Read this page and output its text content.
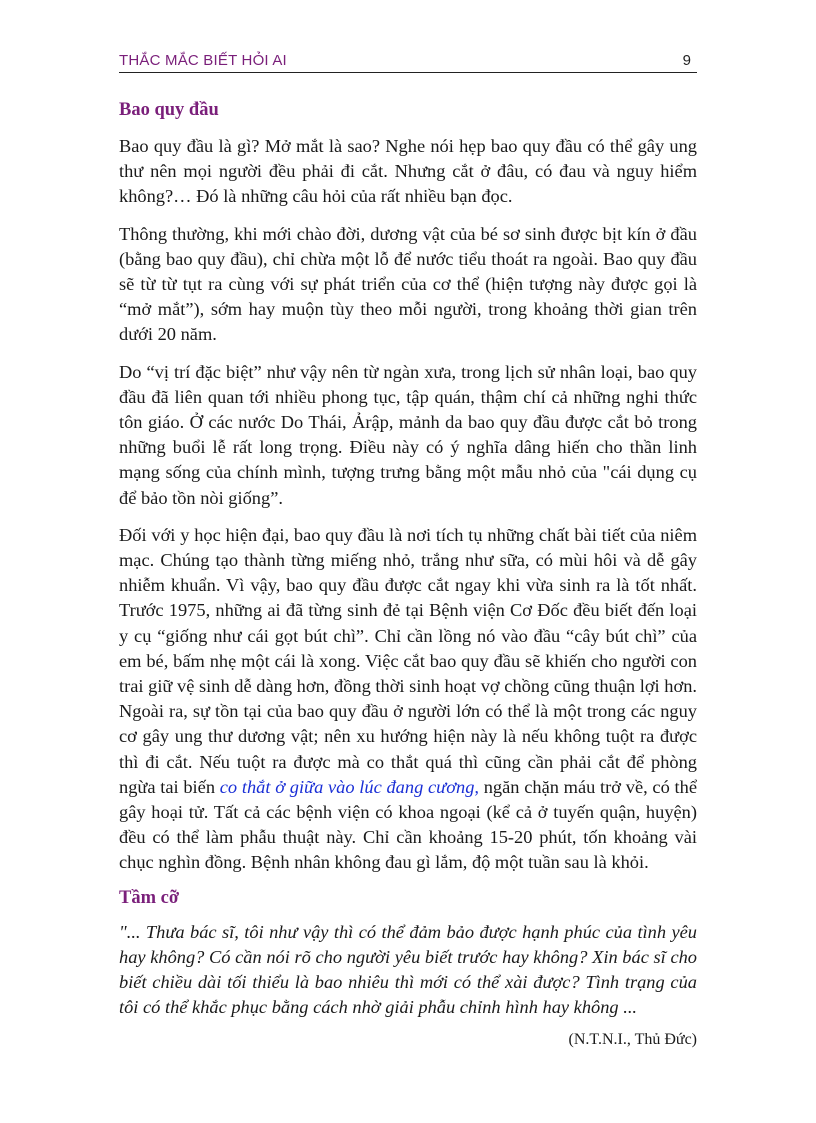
THẮC MẮC BIẾT HỎI AI	9
Bao quy đầu

Bao quy đầu là gì? Mở mắt là sao? Nghe nói hẹp bao quy đầu có thể gây ung thư nên mọi người đều phải đi cắt. Nhưng cắt ở đâu, có đau và nguy hiểm không?… Đó là những câu hỏi của rất nhiều bạn đọc.

Thông thường, khi mới chào đời, dương vật của bé sơ sinh được bịt kín ở đầu (bằng bao quy đầu), chỉ chừa một lỗ để nước tiểu thoát ra ngoài. Bao quy đầu sẽ từ từ tụt ra cùng với sự phát triển của cơ thể (hiện tượng này được gọi là “mở mắt”), sớm hay muộn tùy theo mỗi người, trong khoảng thời gian trên dưới 20 năm.

Do “vị trí đặc biệt” như vậy nên từ ngàn xưa, trong lịch sử nhân loại, bao quy đầu đã liên quan tới nhiều phong tục, tập quán, thậm chí cả những nghi thức tôn giáo. Ở các nước Do Thái, Ảrập, mảnh da bao quy đầu được cắt bỏ trong những buổi lễ rất long trọng. Điều này có ý nghĩa dâng hiến cho thần linh mạng sống của chính mình, tượng trưng bằng một mẫu nhỏ của "cái dụng cụ để bảo tồn nòi giống”.

Đối với y học hiện đại, bao quy đầu là nơi tích tụ những chất bài tiết của niêm mạc. Chúng tạo thành từng miếng nhỏ, trắng như sữa, có mùi hôi và dễ gây nhiễm khuẩn. Vì vậy, bao quy đầu được cắt ngay khi vừa sinh ra là tốt nhất. Trước 1975, những ai đã từng sinh đẻ tại Bệnh viện Cơ Đốc đều biết đến loại y cụ “giống như cái gọt bút chì”. Chỉ cần lồng nó vào đầu “cây bút chì” của em bé, bấm nhẹ một cái là xong. Việc cắt bao quy đầu sẽ khiến cho người con trai giữ vệ sinh dễ dàng hơn, đồng thời sinh hoạt vợ chồng cũng thuận lợi hơn. Ngoài ra, sự tồn tại của bao quy đầu ở người lớn có thể là một trong các nguy cơ gây ung thư dương vật; nên xu hướng hiện này là nếu không tuột ra được thì đi cắt. Nếu tuột ra được mà co thắt quá thì cũng cần phải cắt để phòng ngừa tai biến co thắt ở giữa vào lúc đang cương, ngăn chặn máu trở về, có thể gây hoại tử. Tất cả các bệnh viện có khoa ngoại (kể cả ở tuyến quận, huyện) đều có thể làm phẫu thuật này. Chỉ cần khoảng 15-20 phút, tốn khoảng vài chục nghìn đồng. Bệnh nhân không đau gì lắm, độ một tuần sau là khỏi.

Tầm cỡ

"... Thưa bác sĩ, tôi như vậy thì có thể đảm bảo được hạnh phúc của tình yêu hay không? Có cần nói rõ cho người yêu biết trước hay không? Xin bác sĩ cho biết chiều dài tối thiểu là bao nhiêu thì mới có thể xài được? Tình trạng của tôi có thể khắc phục bằng cách nhờ giải phẫu chỉnh hình hay không ...

(N.T.N.I., Thủ Đức)
